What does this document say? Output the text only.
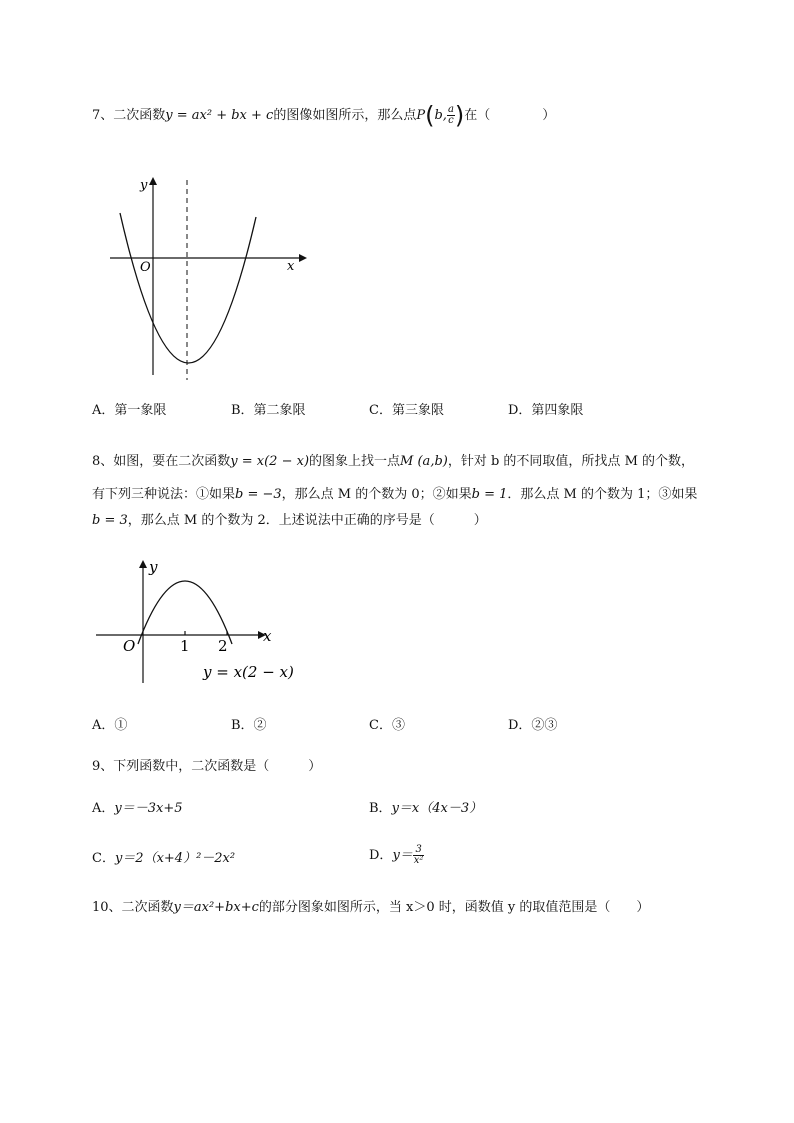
7、二次函数y = ax² + bx + c的图像如图所示，那么点P(b, $\frac{a}{c}$ )在（　　　　）
y
x
O
A．第一象限	B．第二象限	C．第三象限	D．第四象限
8、如图，要在二次函数y = x(2 − x)的图象上找一点M (a,b)，针对 b 的不同取值，所找点 M 的个数，
有下列三种说法：①如果b = −3，那么点 M 的个数为 0；②如果b = 1．那么点 M 的个数为 1；③如果
b = 3，那么点 M 的个数为 2．上述说法中正确的序号是（　　　）
y
x
O	1 2
y = x(2 − x)
A．①	B．②	C．③	D．②③
9、下列函数中，二次函数是（　　　）
A．y＝－3x+5	B．y＝x（4x－3）
C．y＝2（x+4）²－2x²	D．$y= \frac{3}{\text{x²}}$
10、二次函数y＝ax²+bx+c的部分图象如图所示，当 x＞0 时，函数值 y 的取值范围是（　　）
